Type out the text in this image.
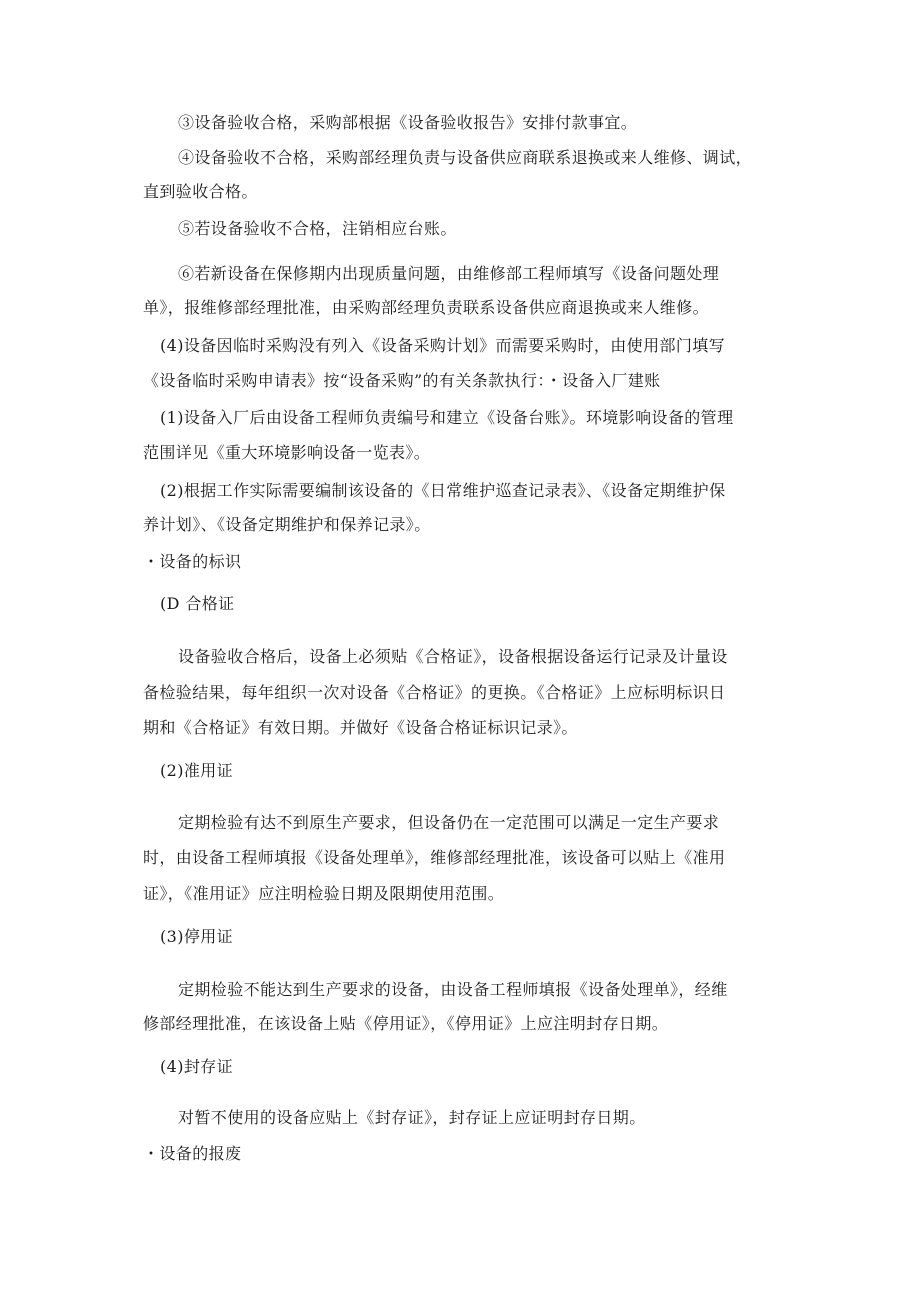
③设备验收合格，采购部根据《设备验收报告》安排付款事宜。
④设备验收不合格，采购部经理负责与设备供应商联系退换或来人维修、调试，
直到验收合格。
⑤若设备验收不合格，注销相应台账。
⑥若新设备在保修期内出现质量问题，由维修部工程师填写《设备问题处理
单》，报维修部经理批准，由采购部经理负责联系设备供应商退换或来人维修。
(4)设备因临时采购没有列入《设备采购计划》而需要采购时，由使用部门填写
《设备临时采购申请表》按“设备采购”的有关条款执行：・设备入厂建账
(1)设备入厂后由设备工程师负责编号和建立《设备台账》。环境影响设备的管理
范围详见《重大环境影响设备一览表》。
(2)根据工作实际需要编制该设备的《日常维护巡查记录表》、《设备定期维护保
养计划》、《设备定期维护和保养记录》。
・设备的标识
(D 合格证
设备验收合格后，设备上必须贴《合格证》，设备根据设备运行记录及计量设
备检验结果，每年组织一次对设备《合格证》的更换。《合格证》上应标明标识日
期和《合格证》有效日期。并做好《设备合格证标识记录》。
(2)准用证
定期检验有达不到原生产要求，但设备仍在一定范围可以满足一定生产要求
时，由设备工程师填报《设备处理单》，维修部经理批准，该设备可以贴上《准用
证》，《准用证》应注明检验日期及限期使用范围。
(3)停用证
定期检验不能达到生产要求的设备，由设备工程师填报《设备处理单》，经维
修部经理批准，在该设备上贴《停用证》，《停用证》上应注明封存日期。
(4)封存证
对暂不使用的设备应贴上《封存证》，封存证上应证明封存日期。
・设备的报废
